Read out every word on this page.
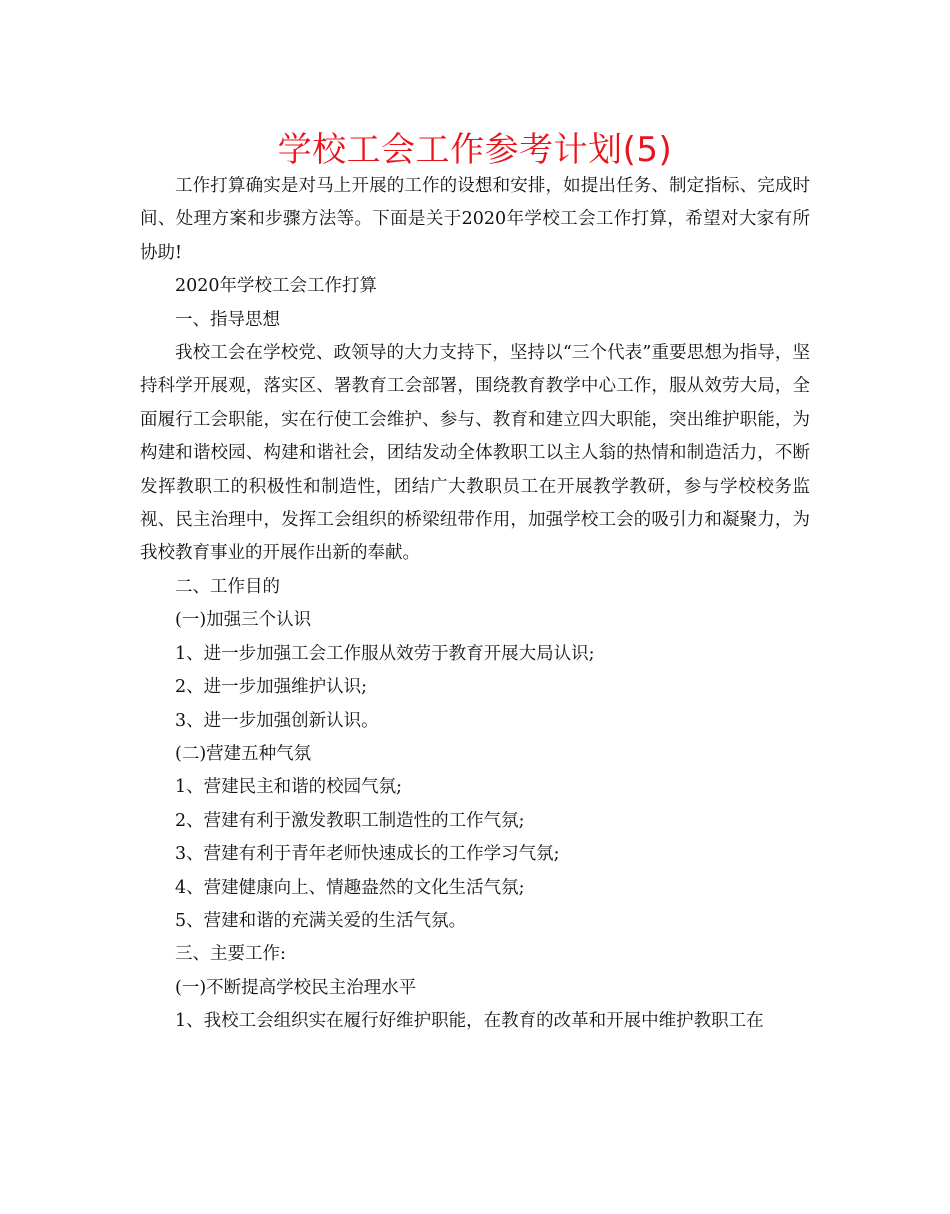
学校工会工作参考计划(5)

工作打算确实是对马上开展的工作的设想和安排，如提出任务、制定指标、完成时间、处理方案和步骤方法等。下面是关于2020年学校工会工作打算，希望对大家有所协助!

2020年学校工会工作打算

一、指导思想

我校工会在学校党、政领导的大力支持下，坚持以“三个代表”重要思想为指导，坚持科学开展观，落实区、署教育工会部署，围绕教育教学中心工作，服从效劳大局，全面履行工会职能，实在行使工会维护、参与、教育和建立四大职能，突出维护职能，为构建和谐校园、构建和谐社会，团结发动全体教职工以主人翁的热情和制造活力，不断发挥教职工的积极性和制造性，团结广大教职员工在开展教学教研，参与学校校务监视、民主治理中，发挥工会组织的桥梁纽带作用，加强学校工会的吸引力和凝聚力，为我校教育事业的开展作出新的奉献。

二、工作目的

(一)加强三个认识

1、进一步加强工会工作服从效劳于教育开展大局认识;

2、进一步加强维护认识;

3、进一步加强创新认识。

(二)营建五种气氛

1、营建民主和谐的校园气氛;

2、营建有利于激发教职工制造性的工作气氛;

3、营建有利于青年老师快速成长的工作学习气氛;

4、营建健康向上、情趣盎然的文化生活气氛;

5、营建和谐的充满关爱的生活气氛。

三、主要工作:

(一)不断提高学校民主治理水平

1、我校工会组织实在履行好维护职能，在教育的改革和开展中维护教职工在
